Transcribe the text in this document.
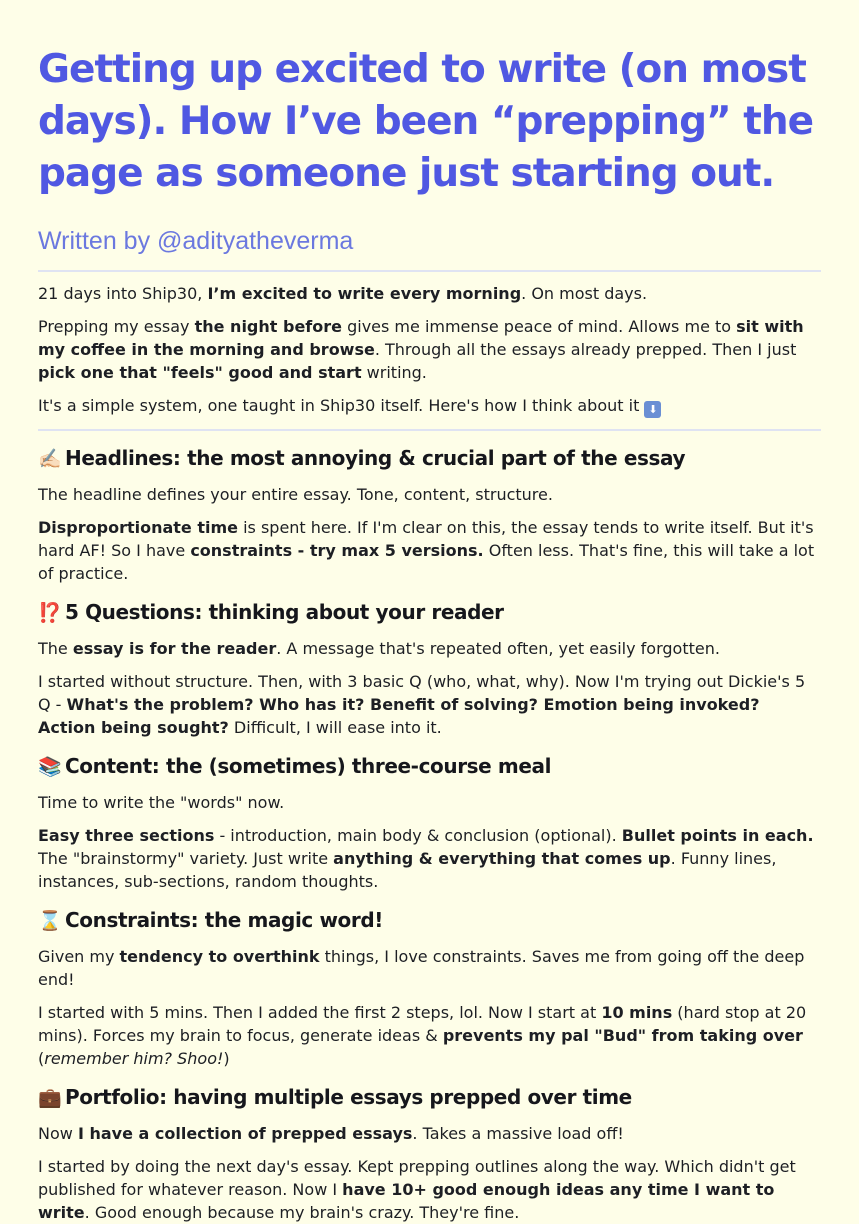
Getting up excited to write (on most days). How I’ve been “prepping” the page as someone just starting out.
Written by @adityatheverma

21 days into Ship30, I’m excited to write every morning. On most days.

Prepping my essay the night before gives me immense peace of mind. Allows me to sit with my coffee in the morning and browse. Through all the essays already prepped. Then I just pick one that "feels" good and start writing.

It's a simple system, one taught in Ship30 itself. Here's how I think about it ⬇

✍🏻 Headlines: the most annoying & crucial part of the essay

The headline defines your entire essay. Tone, content, structure.

Disproportionate time is spent here. If I'm clear on this, the essay tends to write itself. But it's hard AF! So I have constraints - try max 5 versions. Often less. That's fine, this will take a lot of practice.

⁉️ 5 Questions: thinking about your reader

The essay is for the reader. A message that's repeated often, yet easily forgotten.

I started without structure. Then, with 3 basic Q (who, what, why). Now I'm trying out Dickie's 5 Q - What's the problem? Who has it? Benefit of solving? Emotion being invoked? Action being sought? Difficult, I will ease into it.

📚 Content: the (sometimes) three-course meal

Time to write the "words" now.

Easy three sections - introduction, main body & conclusion (optional). Bullet points in each. The "brainstormy" variety. Just write anything & everything that comes up. Funny lines, instances, sub-sections, random thoughts.

⌛ Constraints: the magic word!

Given my tendency to overthink things, I love constraints. Saves me from going off the deep end!

I started with 5 mins. Then I added the first 2 steps, lol. Now I start at 10 mins (hard stop at 20 mins). Forces my brain to focus, generate ideas & prevents my pal "Bud" from taking over (remember him? Shoo!)

💼 Portfolio: having multiple essays prepped over time

Now I have a collection of prepped essays. Takes a massive load off!

I started by doing the next day's essay. Kept prepping outlines along the way. Which didn't get published for whatever reason. Now I have 10+ good enough ideas any time I want to write. Good enough because my brain's crazy. They're fine.
